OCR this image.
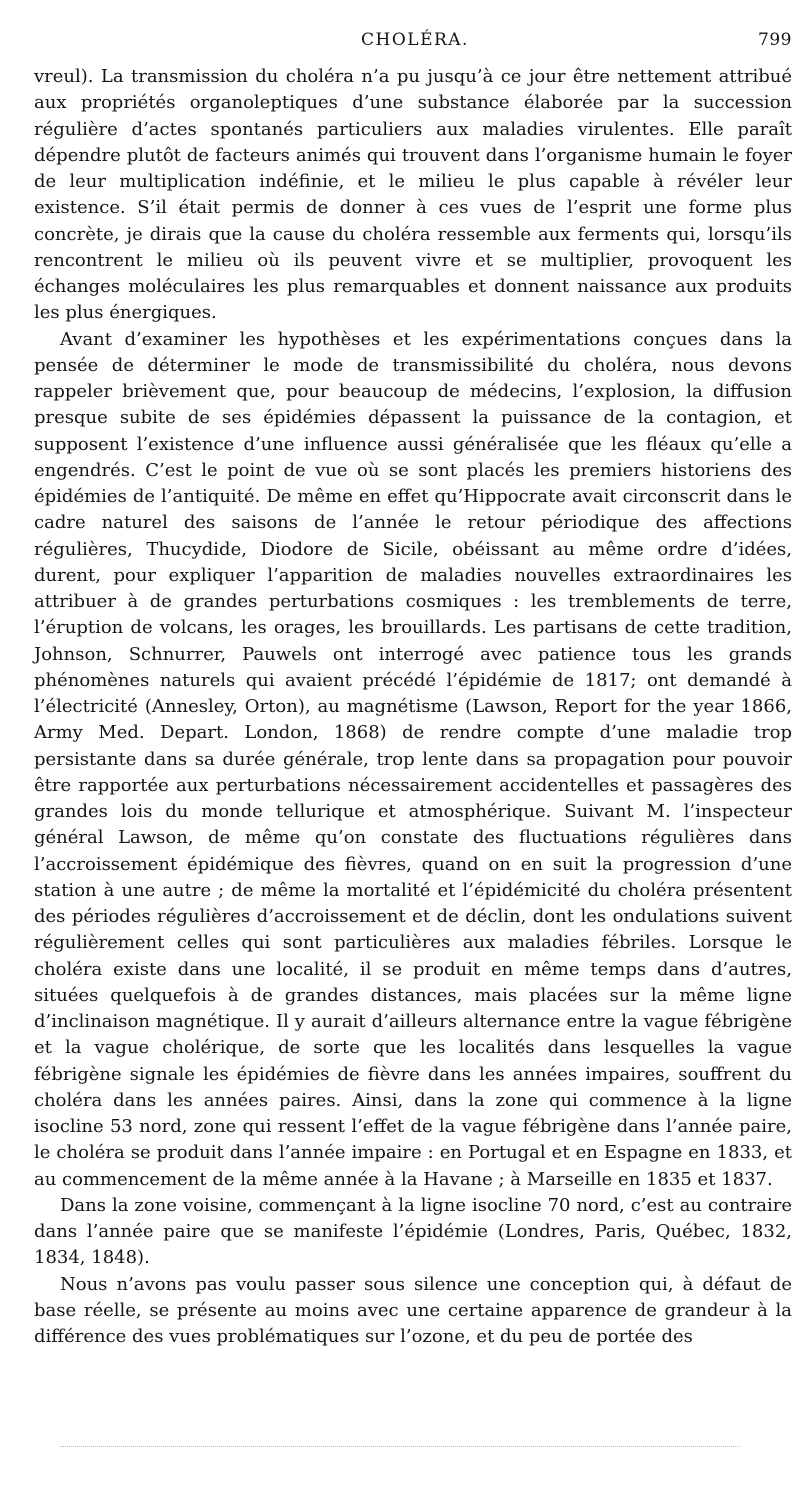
CHOLÉRA.	799

vreul). La transmission du choléra n’a pu jusqu’à ce jour être nettement attribué aux propriétés organoleptiques d’une substance élaborée par la succession régulière d’actes spontanés particuliers aux maladies virulentes. Elle paraît dépendre plutôt de facteurs animés qui trouvent dans l’organisme humain le foyer de leur multiplication indéfinie, et le milieu le plus capable à révéler leur existence. S’il était permis de donner à ces vues de l’esprit une forme plus concrète, je dirais que la cause du choléra ressemble aux ferments qui, lorsqu’ils rencontrent le milieu où ils peuvent vivre et se multiplier, provoquent les échanges moléculaires les plus remarquables et donnent naissance aux produits les plus énergiques.

Avant d’examiner les hypothèses et les expérimentations conçues dans la pensée de déterminer le mode de transmissibilité du choléra, nous devons rappeler brièvement que, pour beaucoup de médecins, l’explosion, la diffusion presque subite de ses épidémies dépassent la puissance de la contagion, et supposent l’existence d’une influence aussi généralisée que les fléaux qu’elle a engendrés. C’est le point de vue où se sont placés les premiers historiens des épidémies de l’antiquité. De même en effet qu’Hippocrate avait circonscrit dans le cadre naturel des saisons de l’année le retour périodique des affections régulières, Thucydide, Diodore de Sicile, obéissant au même ordre d’idées, durent, pour expliquer l’apparition de maladies nouvelles extraordinaires les attribuer à de grandes perturbations cosmiques : les tremblements de terre, l’éruption de volcans, les orages, les brouillards. Les partisans de cette tradition, Johnson, Schnurrer, Pauwels ont interrogé avec patience tous les grands phénomènes naturels qui avaient précédé l’épidémie de 1817; ont demandé à l’électricité (Annesley, Orton), au magnétisme (Lawson, Report for the year 1866, Army Med. Depart. London, 1868) de rendre compte d’une maladie trop persistante dans sa durée générale, trop lente dans sa propagation pour pouvoir être rapportée aux perturbations nécessairement accidentelles et passagères des grandes lois du monde tellurique et atmosphérique. Suivant M. l’inspecteur général Lawson, de même qu’on constate des fluctuations régulières dans l’accroissement épidémique des fièvres, quand on en suit la progression d’une station à une autre ; de même la mortalité et l’épidémicité du choléra présentent des périodes régulières d’accroissement et de déclin, dont les ondulations suivent régulièrement celles qui sont particulières aux maladies fébriles. Lorsque le choléra existe dans une localité, il se produit en même temps dans d’autres, situées quelquefois à de grandes distances, mais placées sur la même ligne d’inclinaison magnétique. Il y aurait d’ailleurs alternance entre la vague fébrigène et la vague cholérique, de sorte que les localités dans lesquelles la vague fébrigène signale les épidémies de fièvre dans les années impaires, souffrent du choléra dans les années paires. Ainsi, dans la zone qui commence à la ligne isocline 53 nord, zone qui ressent l’effet de la vague fébrigène dans l’année paire, le choléra se produit dans l’année impaire : en Portugal et en Espagne en 1833, et au commencement de la même année à la Havane ; à Marseille en 1835 et 1837.

Dans la zone voisine, commençant à la ligne isocline 70 nord, c’est au contraire dans l’année paire que se manifeste l’épidémie (Londres, Paris, Québec, 1832, 1834, 1848).

Nous n’avons pas voulu passer sous silence une conception qui, à défaut de base réelle, se présente au moins avec une certaine apparence de grandeur à la différence des vues problématiques sur l’ozone, et du peu de portée des
